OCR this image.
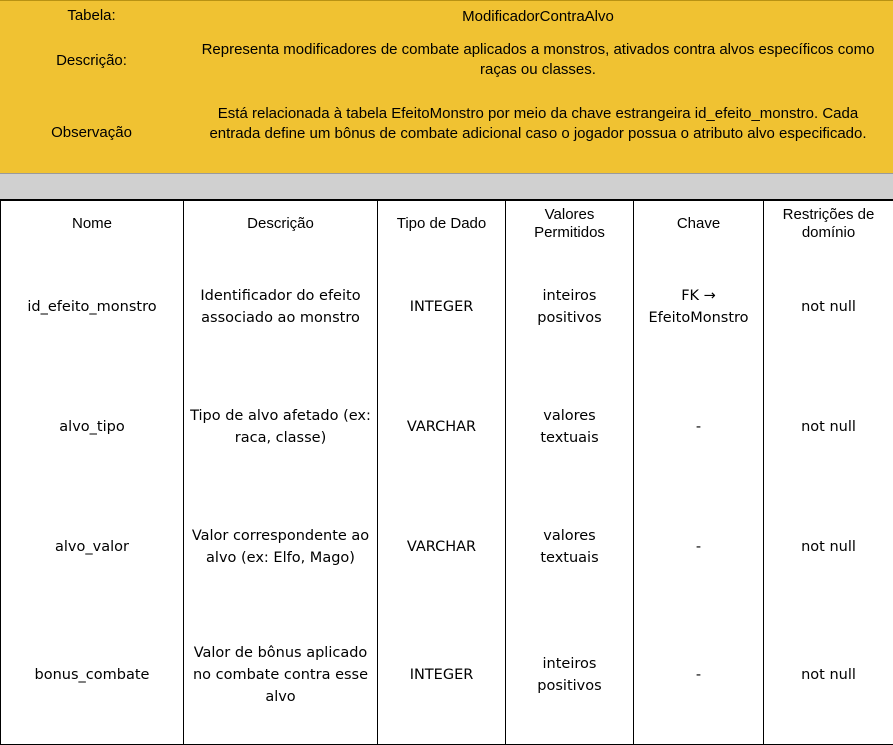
Tabela:	ModificadorContraAlvo
Descrição:
Representa modificadores de combate aplicados a monstros, ativados contra alvos específicos como raças ou classes.
Observação
Está relacionada à tabela EfeitoMonstro por meio da chave estrangeira id_efeito_monstro. Cada entrada define um bônus de combate adicional caso o jogador possua o atributo alvo especificado.
Nome	Descrição	Tipo de Dado	Valores Permitidos	Chave	Restrições de domínio
id_efeito_monstro	Identificador do efeito associado ao monstro	INTEGER	inteiros positivos	FK → EfeitoMonstro	not null
alvo_tipo	Tipo de alvo afetado (ex: raca, classe)	VARCHAR	valores textuais	-	not null
alvo_valor	Valor correspondente ao alvo (ex: Elfo, Mago)	VARCHAR	valores textuais	-	not null
bonus_combate	Valor de bônus aplicado no combate contra esse alvo	INTEGER	inteiros positivos	-	not null
